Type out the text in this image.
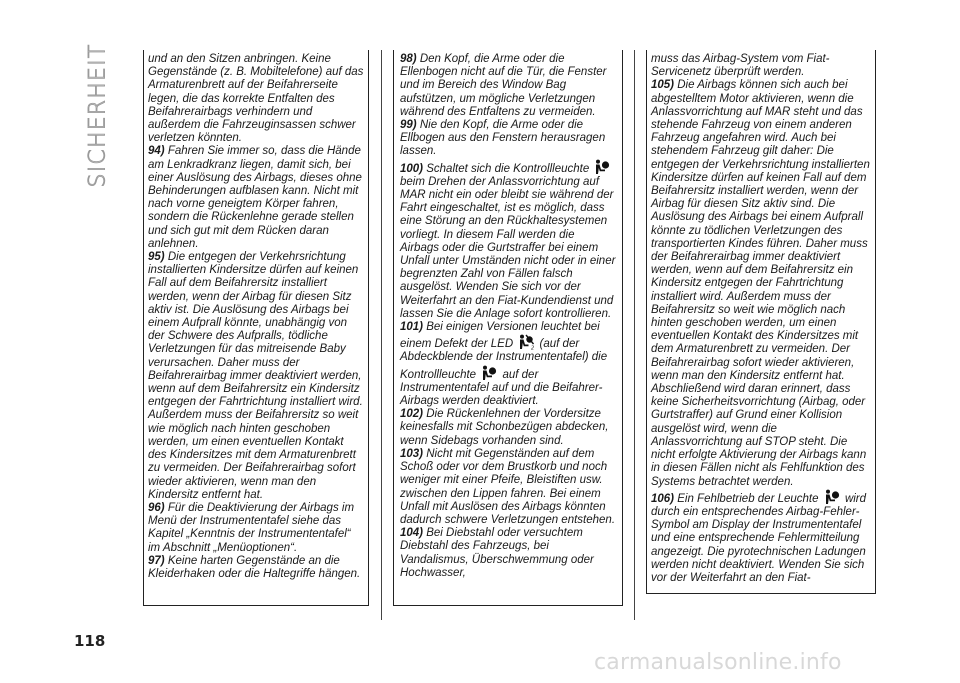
SICHERHEIT	und an den Sitzen anbringen. Keine Gegenstände (z. B. Mobiltelefone) auf das Armaturenbrett auf der Beifahrerseite legen, die das korrekte Entfalten des Beifahrerairbags verhindern und außerdem die Fahrzeuginsassen schwer verletzen könnten.

94) Fahren Sie immer so, dass die Hände am Lenkradkranz liegen, damit sich, bei einer Auslösung des Airbags, dieses ohne Behinderungen aufblasen kann. Nicht mit nach vorne geneigtem Körper fahren, sondern die Rückenlehne gerade stellen und sich gut mit dem Rücken daran anlehnen.

95) Die entgegen der Verkehrsrichtung installierten Kindersitze dürfen auf keinen Fall auf dem Beifahrersitz installiert werden, wenn der Airbag für diesen Sitz aktiv ist. Die Auslösung des Airbags bei einem Aufprall könnte, unabhängig von der Schwere des Aufpralls, tödliche Verletzungen für das mitreisende Baby verursachen. Daher muss der Beifahrerairbag immer deaktiviert werden, wenn auf dem Beifahrersitz ein Kindersitz entgegen der Fahrtrichtung installiert wird. Außerdem muss der Beifahrersitz so weit wie möglich nach hinten geschoben werden, um einen eventuellen Kontakt des Kindersitzes mit dem Armaturenbrett zu vermeiden. Der Beifahrerairbag sofort wieder aktivieren, wenn man den Kindersitz entfernt hat.

96) Für die Deaktivierung der Airbags im Menü der Instrumententafel siehe das Kapitel „Kenntnis der Instrumententafel“ im Abschnitt „Menüoptionen“.

97) Keine harten Gegenstände an die Kleiderhaken oder die Haltegriffe hängen.

98) Den Kopf, die Arme oder die Ellenbogen nicht auf die Tür, die Fenster und im Bereich des Window Bag aufstützen, um mögliche Verletzungen während des Entfaltens zu vermeiden.

99) Nie den Kopf, die Arme oder die Ellbogen aus den Fenstern herausragen lassen.

100) Schaltet sich die Kontrollleuchte  beim Drehen der Anlassvorrichtung auf MAR nicht ein oder bleibt sie während der Fahrt eingeschaltet, ist es möglich, dass eine Störung an den Rückhaltesystemen vorliegt. In diesem Fall werden die Airbags oder die Gurtstraffer bei einem Unfall unter Umständen nicht oder in einer begrenzten Zahl von Fällen falsch ausgelöst. Wenden Sie sich vor der Weiterfahrt an den Fiat-Kundendienst und lassen Sie die Anlage sofort kontrollieren.

101) Bei einigen Versionen leuchtet bei einem Defekt der LED	2 (auf der Abdeckblende der Instrumententafel) die Kontrollleuchte auf der Instrumententafel auf und die Beifahrer-Airbags werden deaktiviert.

102) Die Rückenlehnen der Vordersitze keinesfalls mit Schonbezügen abdecken, wenn Sidebags vorhanden sind.

103) Nicht mit Gegenständen auf dem Schoß oder vor dem Brustkorb und noch weniger mit einer Pfeife, Bleistiften usw. zwischen den Lippen fahren. Bei einem Unfall mit Auslösen des Airbags könnten dadurch schwere Verletzungen entstehen.

104) Bei Diebstahl oder versuchtem Diebstahl des Fahrzeugs, bei Vandalismus, Überschwemmung oder Hochwasser,

muss das Airbag-System vom Fiat-Servicenetz überprüft werden.

105) Die Airbags können sich auch bei abgestelltem Motor aktivieren, wenn die Anlassvorrichtung auf MAR steht und das stehende Fahrzeug von einem anderen Fahrzeug angefahren wird. Auch bei stehendem Fahrzeug gilt daher: Die entgegen der Verkehrsrichtung installierten Kindersitze dürfen auf keinen Fall auf dem Beifahrersitz installiert werden, wenn der Airbag für diesen Sitz aktiv sind. Die Auslösung des Airbags bei einem Aufprall könnte zu tödlichen Verletzungen des transportierten Kindes führen. Daher muss der Beifahrerairbag immer deaktiviert werden, wenn auf dem Beifahrersitz ein Kindersitz entgegen der Fahrtrichtung installiert wird. Außerdem muss der Beifahrersitz so weit wie möglich nach hinten geschoben werden, um einen eventuellen Kontakt des Kindersitzes mit dem Armaturenbrett zu vermeiden. Der Beifahrerairbag sofort wieder aktivieren, wenn man den Kindersitz entfernt hat. Abschließend wird daran erinnert, dass keine Sicherheitsvorrichtung (Airbag, oder Gurtstraffer) auf Grund einer Kollision ausgelöst wird, wenn die Anlassvorrichtung auf STOP steht. Die nicht erfolgte Aktivierung der Airbags kann in diesen Fällen nicht als Fehlfunktion des Systems betrachtet werden.

106) Ein Fehlbetrieb der Leuchte wird durch ein entsprechendes Airbag-Fehler-Symbol am Display der Instrumententafel und eine entsprechende Fehlermitteilung angezeigt. Die pyrotechnischen Ladungen werden nicht deaktiviert. Wenden Sie sich vor der Weiterfahrt an den Fiat-

118
carmanualsonline.info
